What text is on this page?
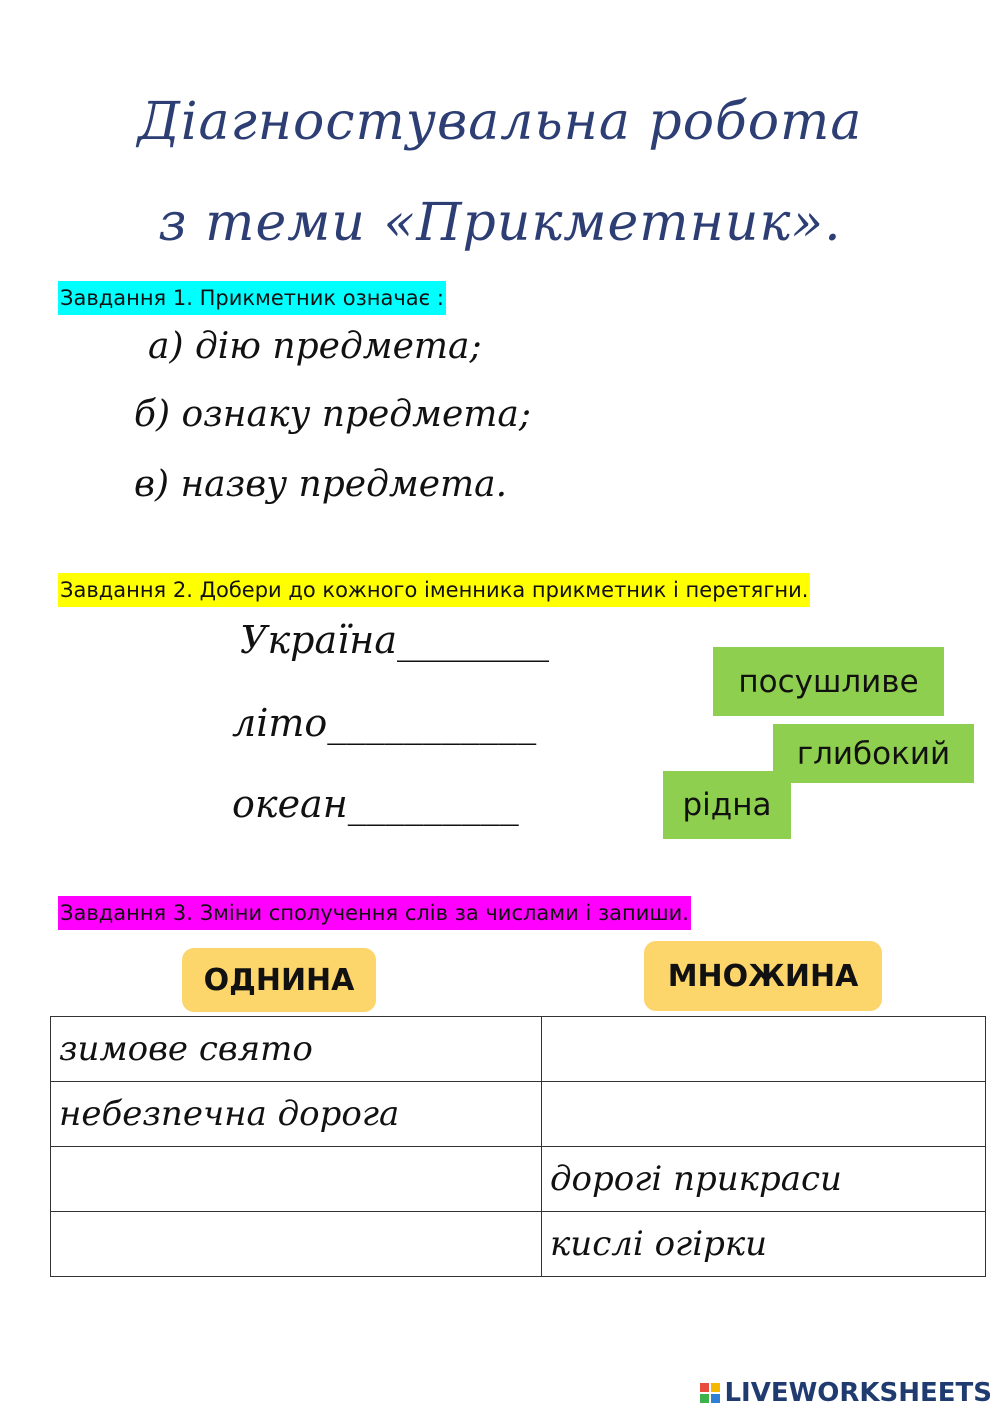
Діагностувальна робота
з теми «Прикметник».
Завдання 1. Прикметник означає :
а) дію предмета;
б) ознаку предмета;
в) назву предмета.
Завдання 2. Добери до кожного іменника прикметник і перетягни.
Україна________
літо___________
океан_________
посушливе
глибокий
рідна
Завдання 3. Зміни сполучення слів за числами і запиши.
ОДНИНА	МНОЖИНА
зимове свято	
небезпечна дорога	
	дорогі прикраси
	кислі огірки
LIVEWORKSHEETS
